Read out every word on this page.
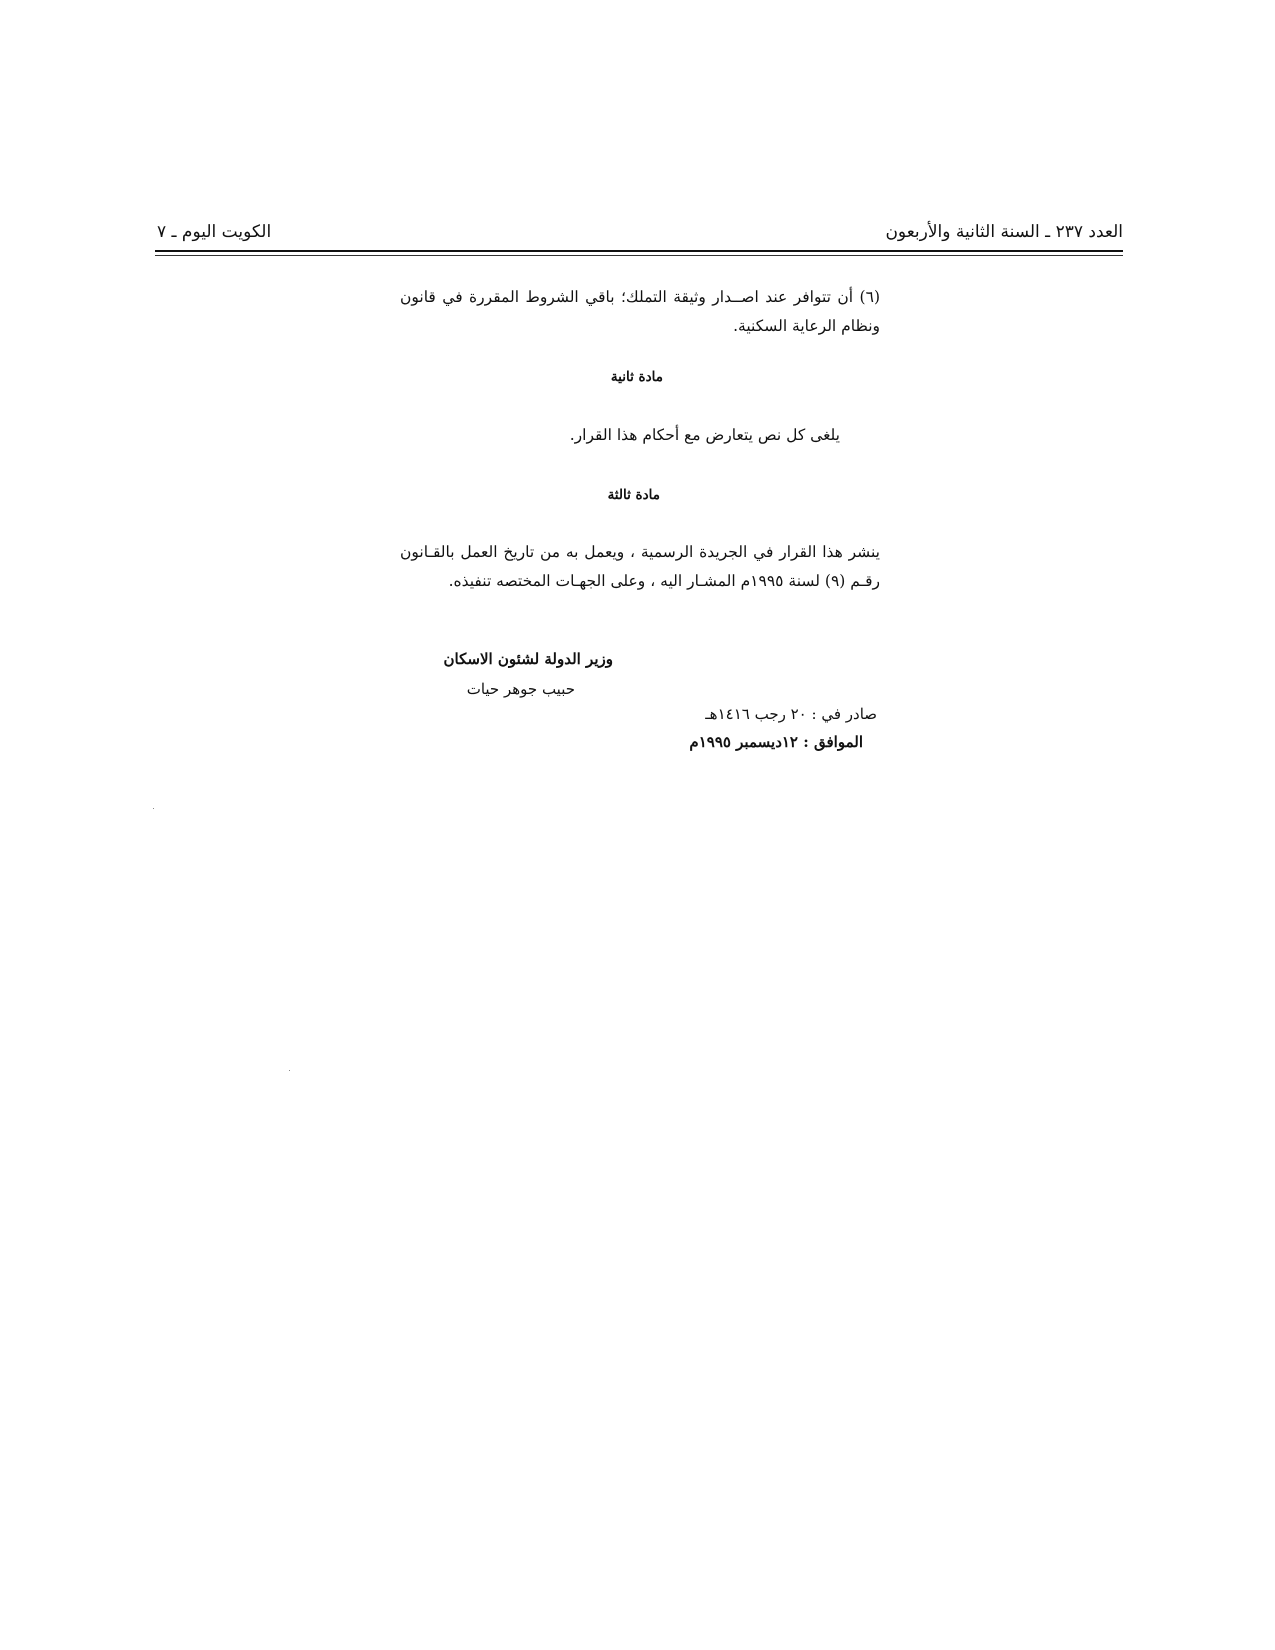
العدد ٢٣٧ ـ السنة الثانية والأربعون
الكويت اليوم ـ ٧
(٦) أن تتوافر عند اصــدار وثيقة التملك؛ باقي الشروط المقررة في قانون ونظام الرعاية السكنية.
مادة ثانية
يلغى كل نص يتعارض مع أحكام هذا القرار.
مادة ثالثة
ينشر هذا القرار في الجريدة الرسمية ، ويعمل به من تاريخ العمل بالقـانون رقـم (٩) لسنة ١٩٩٥م المشـار اليه ، وعلى الجهـات المختصه تنفيذه.
وزير الدولة لشئون الاسكان
حبيب جوهر حيات
صادر في : ٢٠ رجب ١٤١٦هـ
الموافق : ١٢ديسمبر ١٩٩٥م
